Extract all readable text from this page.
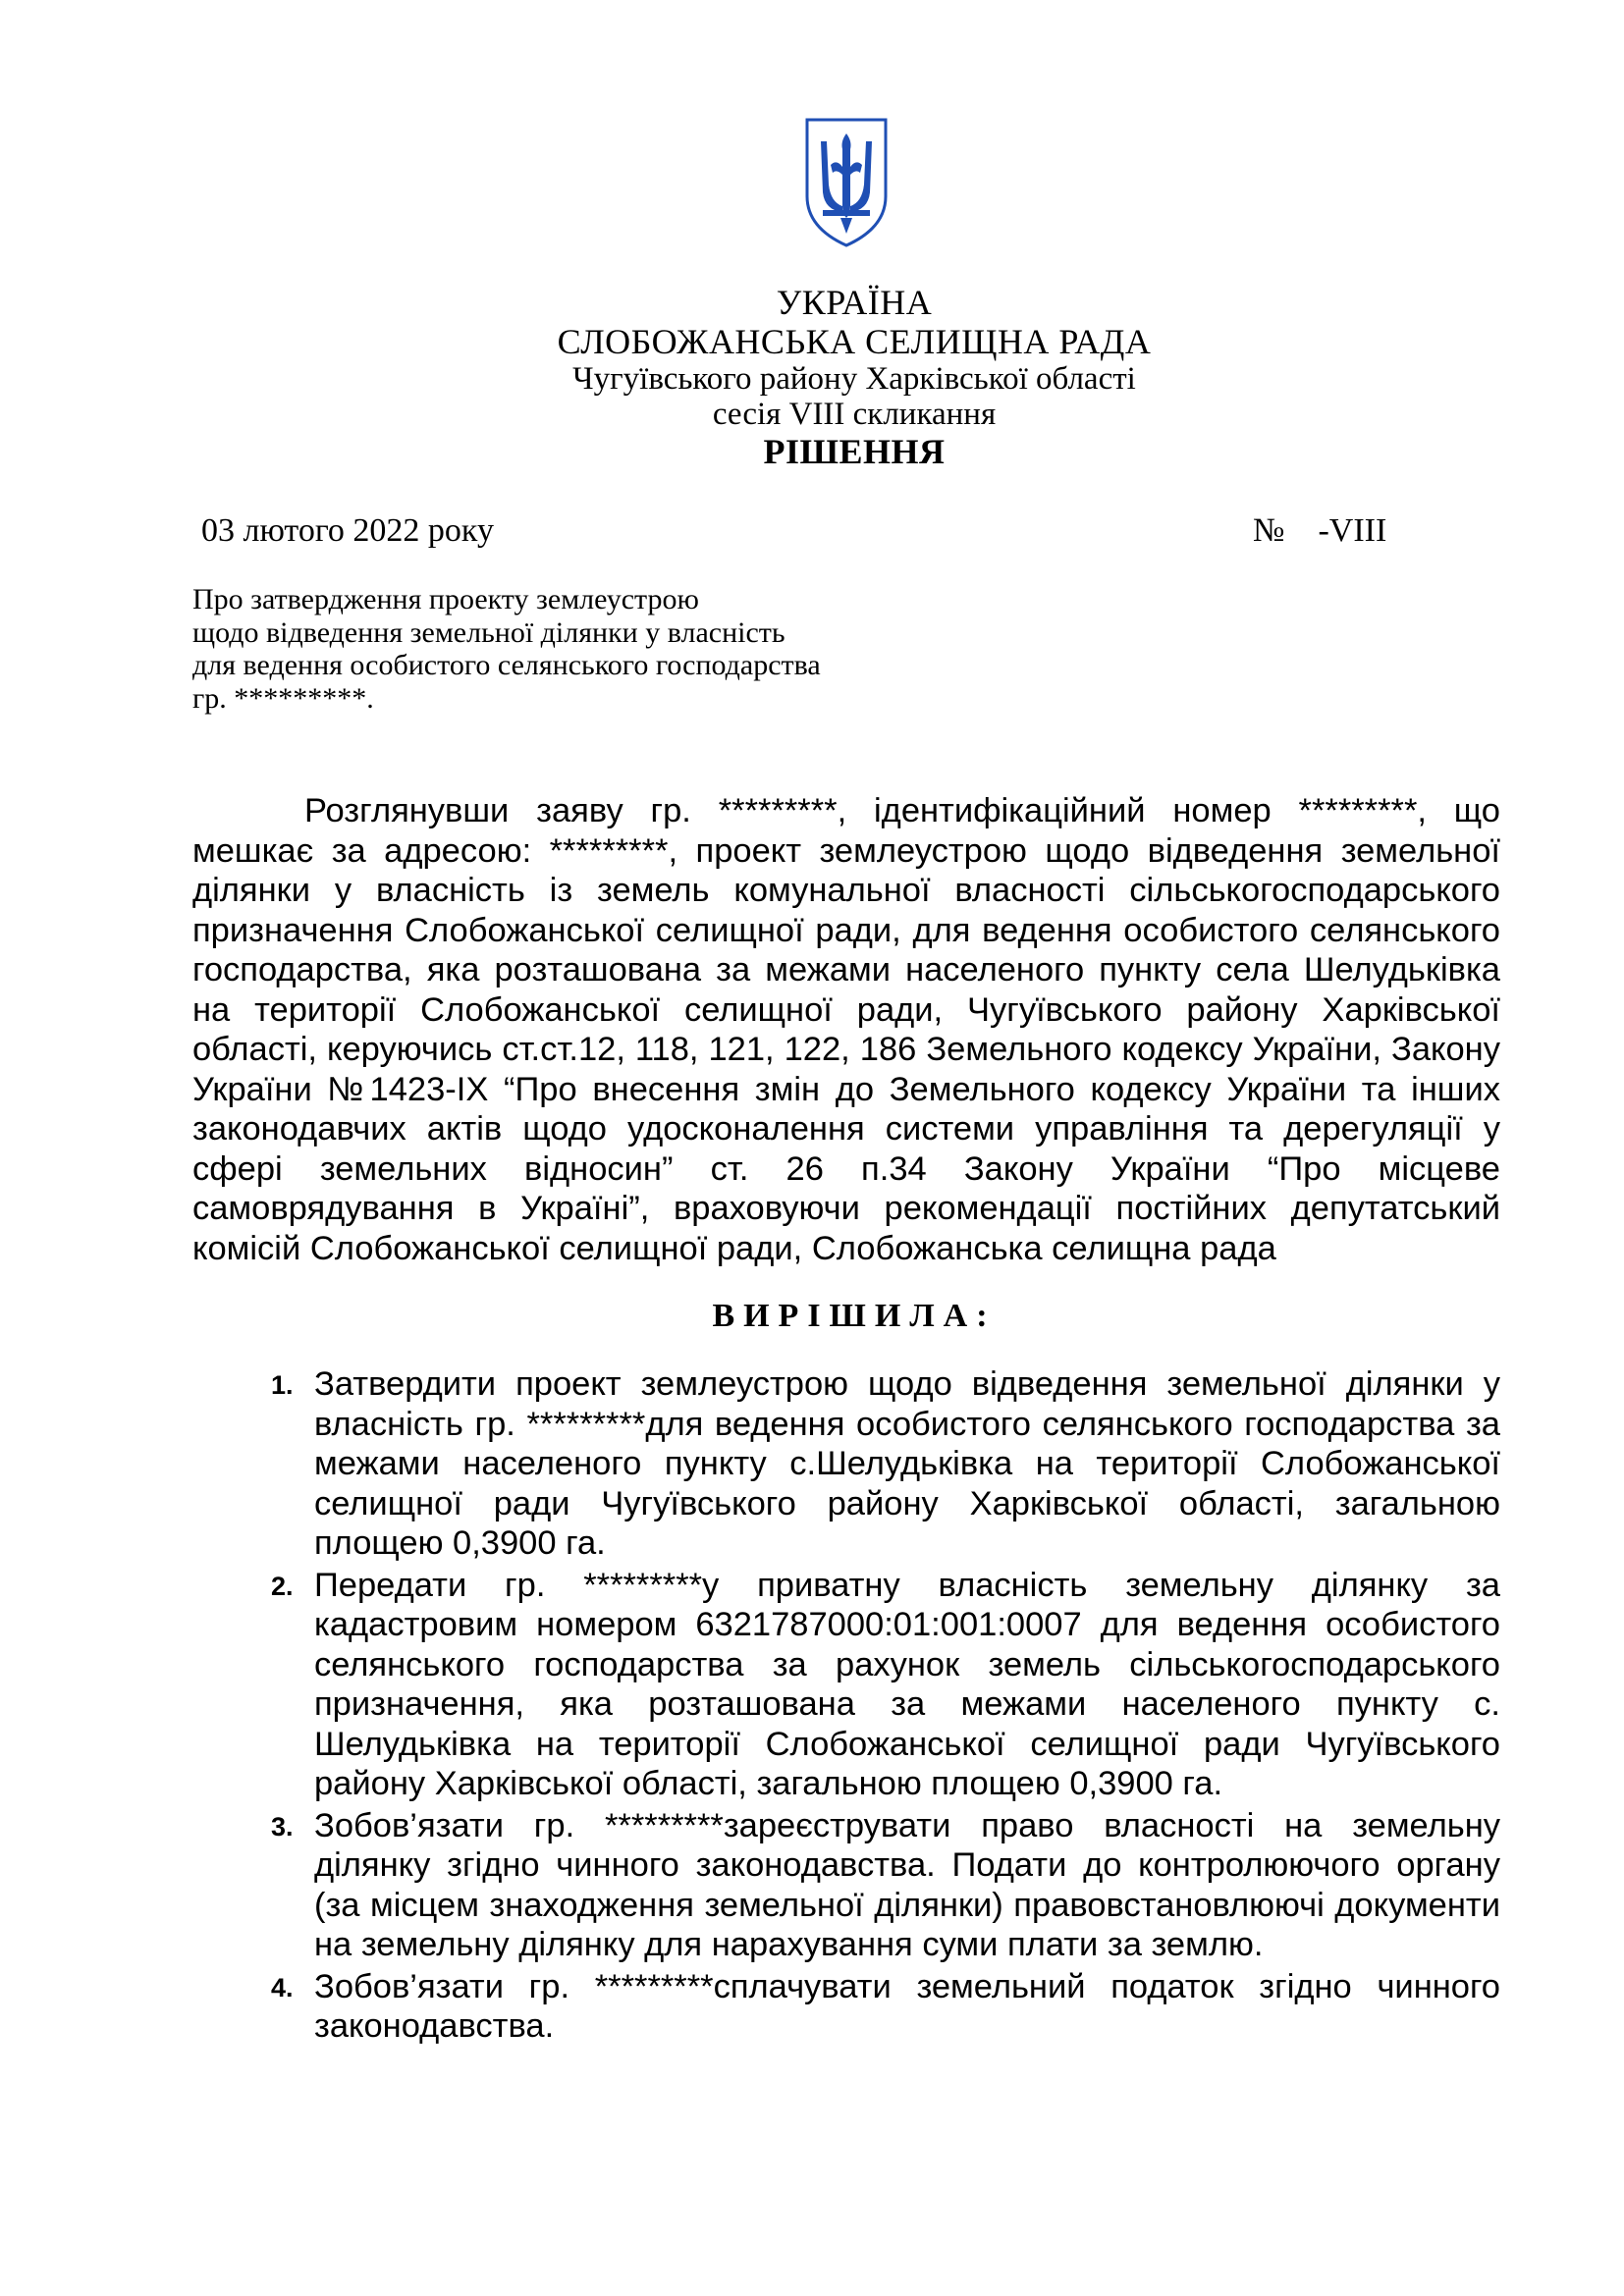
УКРАЇНА
СЛОБОЖАНСЬКА СЕЛИЩНА РАДА
Чугуївського району Харківської області
сесія VIII скликання
РІШЕННЯ
03 лютого 2022 року	№    -VIII
Про затвердження проекту землеустрою
щодо відведення земельної ділянки у власність
для ведення особистого селянського господарства
гр. *********.

Розглянувши заяву гр. *********, ідентифікаційний номер *********, що мешкає за адресою: *********, проект землеустрою щодо відведення земельної ділянки у власність із земель комунальної власності сільськогосподарського призначення Слобожанської селищної ради, для ведення особистого селянського господарства, яка розташована за межами населеного пункту села Шелудьківка на території Слобожанської селищної ради, Чугуївського району Харківської області, керуючись ст.ст.12, 118, 121, 122, 186 Земельного кодексу України, Закону України №1423-IX “Про внесення змін до Земельного кодексу України та інших законодавчих актів щодо удосконалення системи управління та дерегуляції у сфері земельних відносин” ст. 26 п.34 Закону України “Про місцеве самоврядування в Україні”, враховуючи рекомендації постійних депутатський комісій Слобожанської селищної ради, Слобожанська селищна рада

ВИРІШИЛА:
1. Затвердити проект землеустрою щодо відведення земельної ділянки у власність гр. *********для ведення особистого селянського господарства за межами населеного пункту с.Шелудьківка на території Слобожанської селищної ради Чугуївського району Харківської області, загальною площею 0,3900 га.
2. Передати гр. *********у приватну власність земельну ділянку за кадастровим номером 6321787000:01:001:0007 для ведення особистого селянського господарства за рахунок земель сільськогосподарського призначення, яка розташована за межами населеного пункту с. Шелудьківка на території Слобожанської селищної ради Чугуївського району Харківської області, загальною площею 0,3900 га.
3. Зобов’язати гр. *********зареєструвати право власності на земельну ділянку згідно чинного законодавства. Подати до контролюючого органу (за місцем знаходження земельної ділянки) правовстановлюючі документи на земельну ділянку для нарахування суми плати за землю.
4. Зобов’язати гр. *********сплачувати земельний податок згідно чинного законодавства.
